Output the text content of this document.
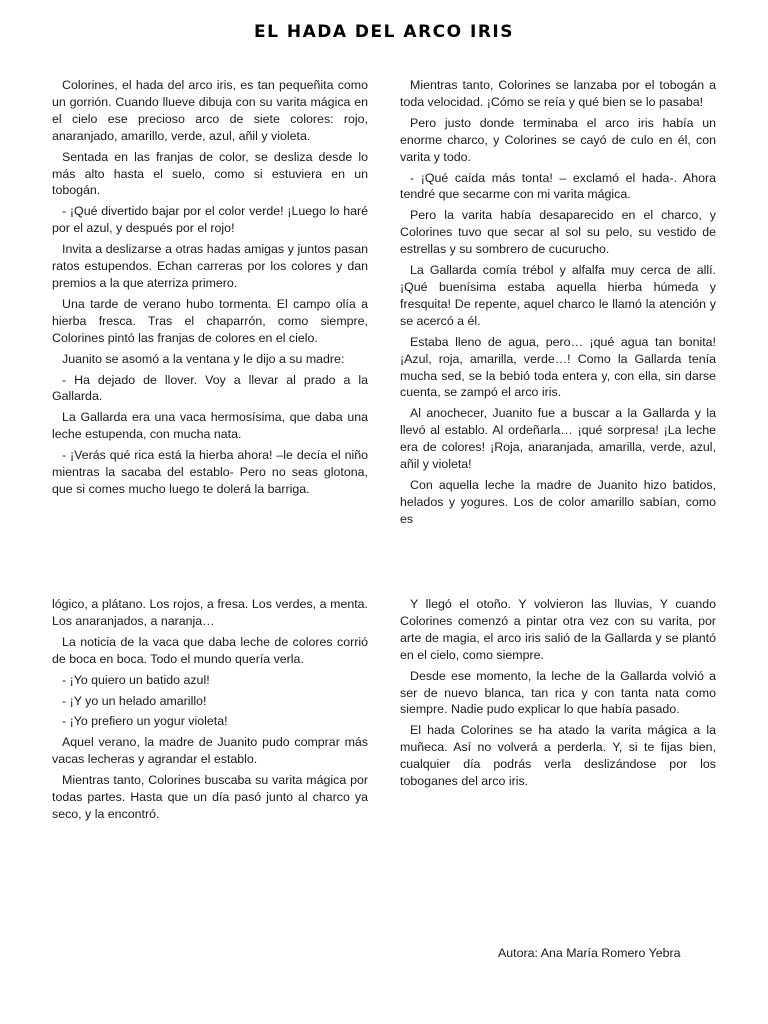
EL HADA DEL ARCO IRIS

Colorines, el hada del arco iris, es tan pequeñita como un gorrión. Cuando llueve dibuja con su varita mágica en el cielo ese precioso arco de siete colores: rojo, anaranjado, amarillo, verde, azul, añil y violeta.

Sentada en las franjas de color, se desliza desde lo más alto hasta el suelo, como si estuviera en un tobogán.

- ¡Qué divertido bajar por el color verde! ¡Luego lo haré por el azul, y después por el rojo!

Invita a deslizarse a otras hadas amigas y juntos pasan ratos estupendos. Echan carreras por los colores y dan premios a la que aterriza primero.

Una tarde de verano hubo tormenta. El campo olía a hierba fresca. Tras el chaparrón, como siempre, Colorines pintó las franjas de colores en el cielo.

Juanito se asomó a la ventana y le dijo a su madre:

- Ha dejado de llover. Voy a llevar al prado a la Gallarda.

La Gallarda era una vaca hermosísima, que daba una leche estupenda, con mucha nata.

- ¡Verás qué rica está la hierba ahora! –le decía el niño mientras la sacaba del establo- Pero no seas glotona, que si comes mucho luego te dolerá la barriga.

Mientras tanto, Colorines se lanzaba por el tobogán a toda velocidad. ¡Cómo se reía y qué bien se lo pasaba!

Pero justo donde terminaba el arco iris había un enorme charco, y Colorines se cayó de culo en él, con varita y todo.

- ¡Qué caída más tonta! – exclamó el hada-. Ahora tendré que secarme con mi varita mágica.

Pero la varita había desaparecido en el charco, y Colorines tuvo que secar al sol su pelo, su vestido de estrellas y su sombrero de cucurucho.

La Gallarda comía trébol y alfalfa muy cerca de allí. ¡Qué buenísima estaba aquella hierba húmeda y fresquita! De repente, aquel charco le llamó la atención y se acercó a él.

Estaba lleno de agua, pero… ¡qué agua tan bonita! ¡Azul, roja, amarilla, verde…! Como la Gallarda tenía mucha sed, se la bebió toda entera y, con ella, sin darse cuenta, se zampó el arco iris.

Al anochecer, Juanito fue a buscar a la Gallarda y la llevó al establo. Al ordeñarla… ¡qué sorpresa! ¡La leche era de colores! ¡Roja, anaranjada, amarilla, verde, azul, añil y violeta!

Con aquella leche la madre de Juanito hizo batidos, helados y yogures. Los de color amarillo sabían, como es

lógico, a plátano. Los rojos, a fresa. Los verdes, a menta. Los anaranjados, a naranja…

La noticia de la vaca que daba leche de colores corrió de boca en boca. Todo el mundo quería verla.

- ¡Yo quiero un batido azul!

- ¡Y yo un helado amarillo!

- ¡Yo prefiero un yogur violeta!

Aquel verano, la madre de Juanito pudo comprar más vacas lecheras y agrandar el establo.

Mientras tanto, Colorines buscaba su varita mágica por todas partes. Hasta que un día pasó junto al charco ya seco, y la encontró.

Y llegó el otoño. Y volvieron las lluvias, Y cuando Colorines comenzó a pintar otra vez con su varita, por arte de magia, el arco iris salió de la Gallarda y se plantó en el cielo, como siempre.

Desde ese momento, la leche de la Gallarda volvió a ser de nuevo blanca, tan rica y con tanta nata como siempre. Nadie pudo explicar lo que había pasado.

El hada Colorines se ha atado la varita mágica a la muñeca. Así no volverá a perderla. Y, si te fijas bien, cualquier día podrás verla deslizándose por los toboganes del arco iris.

Autora: Ana María Romero Yebra
